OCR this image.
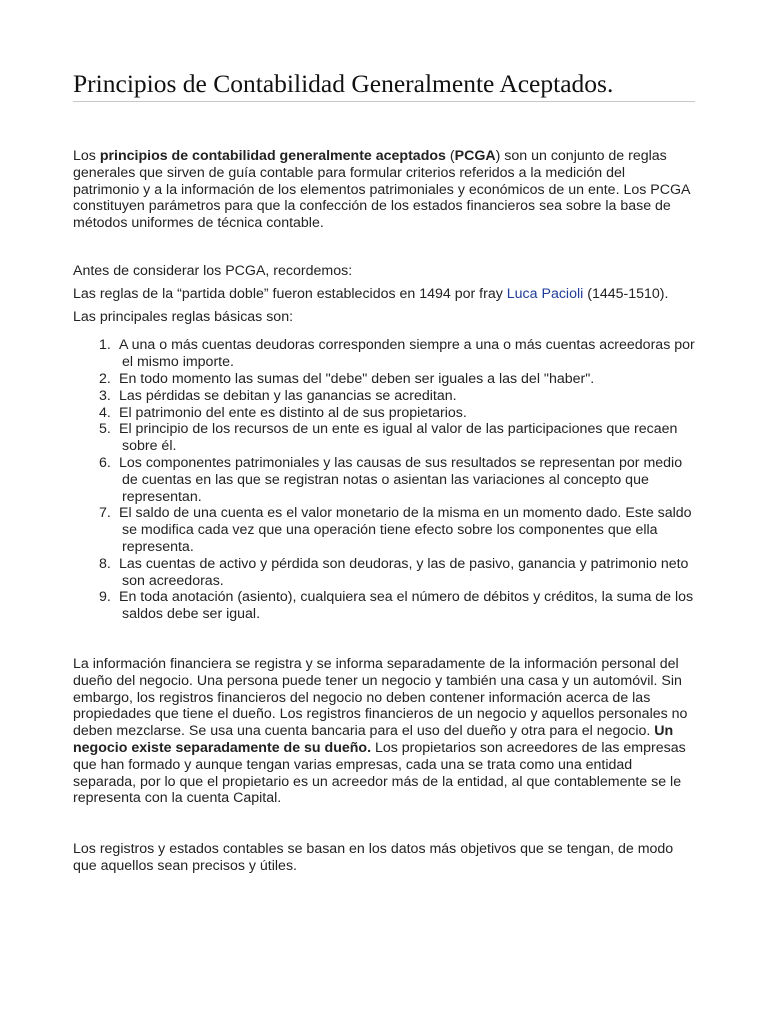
Principios de Contabilidad Generalmente Aceptados.

Los principios de contabilidad generalmente aceptados (PCGA) son un conjunto de reglas generales que sirven de guía contable para formular criterios referidos a la medición del patrimonio y a la información de los elementos patrimoniales y económicos de un ente. Los PCGA constituyen parámetros para que la confección de los estados financieros sea sobre la base de métodos uniformes de técnica contable.

Antes de considerar los PCGA, recordemos:

Las reglas de la “partida doble” fueron establecidos en 1494 por fray Luca Pacioli (1445-1510).

Las principales reglas básicas son:

1. A una o más cuentas deudoras corresponden siempre a una o más cuentas acreedoras por el mismo importe.
2. En todo momento las sumas del "debe" deben ser iguales a las del "haber".
3. Las pérdidas se debitan y las ganancias se acreditan.
4. El patrimonio del ente es distinto al de sus propietarios.
5. El principio de los recursos de un ente es igual al valor de las participaciones que recaen sobre él.
6. Los componentes patrimoniales y las causas de sus resultados se representan por medio de cuentas en las que se registran notas o asientan las variaciones al concepto que representan.
7. El saldo de una cuenta es el valor monetario de la misma en un momento dado. Este saldo se modifica cada vez que una operación tiene efecto sobre los componentes que ella representa.
8. Las cuentas de activo y pérdida son deudoras, y las de pasivo, ganancia y patrimonio neto son acreedoras.
9. En toda anotación (asiento), cualquiera sea el número de débitos y créditos, la suma de los saldos debe ser igual.

La información financiera se registra y se informa separadamente de la información personal del dueño del negocio. Una persona puede tener un negocio y también una casa y un automóvil. Sin embargo, los registros financieros del negocio no deben contener información acerca de las propiedades que tiene el dueño. Los registros financieros de un negocio y aquellos personales no deben mezclarse. Se usa una cuenta bancaria para el uso del dueño y otra para el negocio. Un negocio existe separadamente de su dueño. Los propietarios son acreedores de las empresas que han formado y aunque tengan varias empresas, cada una se trata como una entidad separada, por lo que el propietario es un acreedor más de la entidad, al que contablemente se le representa con la cuenta Capital.

Los registros y estados contables se basan en los datos más objetivos que se tengan, de modo que aquellos sean precisos y útiles.
